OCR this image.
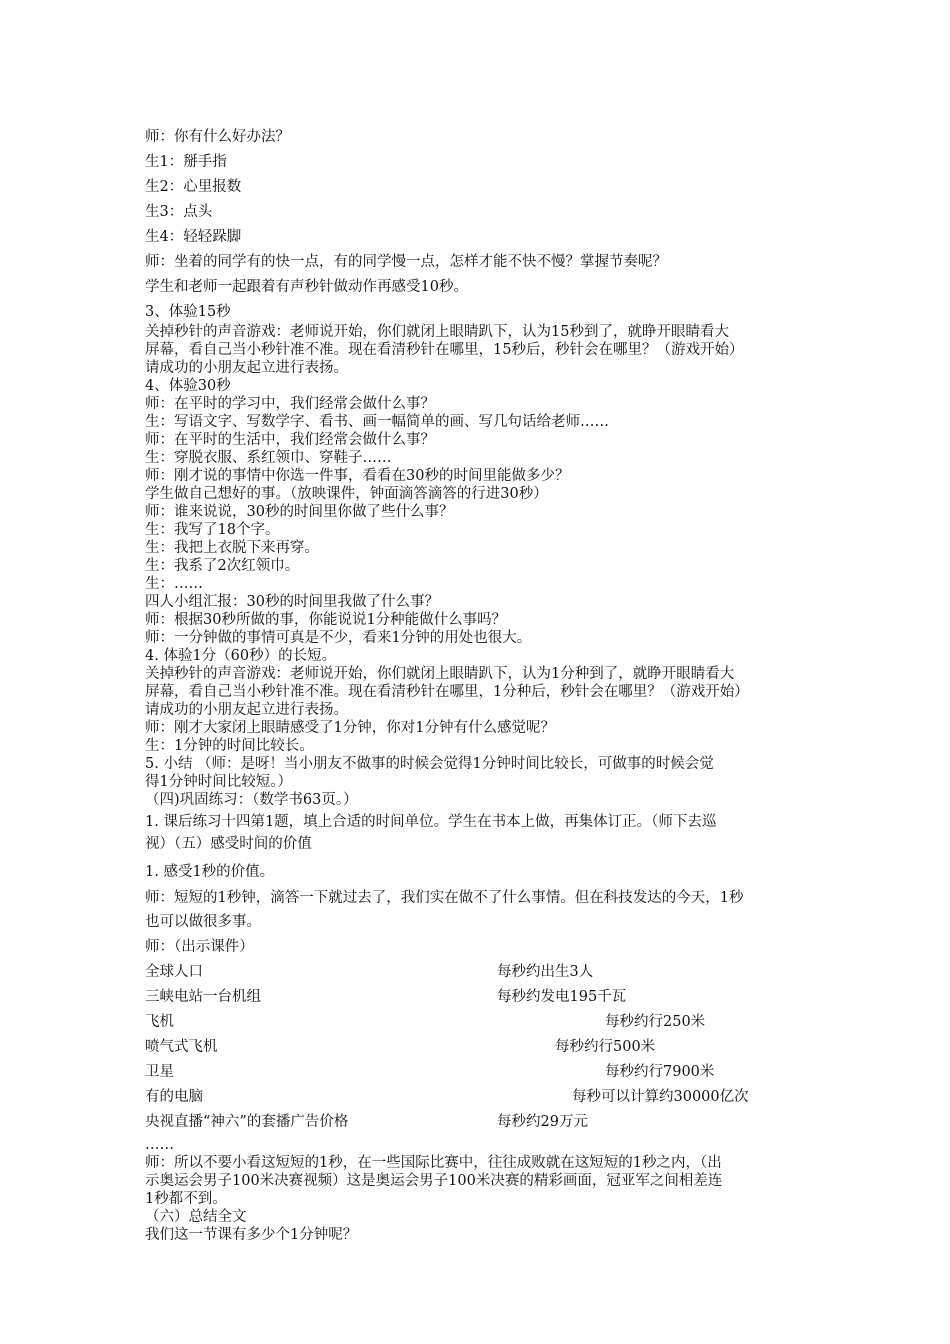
师：你有什么好办法？
生1：掰手指
生2：心里报数
生3：点头
生4：轻轻跺脚
师：坐着的同学有的快一点，有的同学慢一点，怎样才能不快不慢？掌握节奏呢？
学生和老师一起跟着有声秒针做动作再感受10秒。
3、体验15秒
关掉秒针的声音游戏：老师说开始，你们就闭上眼睛趴下，认为15秒到了，就睁开眼睛看大
屏幕，看自己当小秒针准不准。现在看清秒针在哪里，15秒后，秒针会在哪里？（游戏开始）
请成功的小朋友起立进行表扬。
4、体验30秒
师：在平时的学习中，我们经常会做什么事？
生：写语文字、写数学字、看书、画一幅简单的画、写几句话给老师……
师：在平时的生活中，我们经常会做什么事？
生：穿脱衣服、系红领巾、穿鞋子……
师：刚才说的事情中你选一件事，看看在30秒的时间里能做多少？
学生做自己想好的事。（放映课件，钟面滴答滴答的行进30秒）
师：谁来说说，30秒的时间里你做了些什么事？
生：我写了18个字。
生：我把上衣脱下来再穿。
生：我系了2次红领巾。
生：……
四人小组汇报：30秒的时间里我做了什么事？
师：根据30秒所做的事，你能说说1分种能做什么事吗？
师：一分钟做的事情可真是不少，看来1分钟的用处也很大。
4. 体验1分（60秒）的长短。
关掉秒针的声音游戏：老师说开始，你们就闭上眼睛趴下，认为1分种到了，就睁开眼睛看大
屏幕，看自己当小秒针准不准。现在看清秒针在哪里，1分种后，秒针会在哪里？（游戏开始）
请成功的小朋友起立进行表扬。
师：刚才大家闭上眼睛感受了1分钟，你对1分钟有什么感觉呢？
生：1分钟的时间比较长。
5. 小结 （师：是呀！当小朋友不做事的时候会觉得1分钟时间比较长，可做事的时候会觉
得1分钟时间比较短。）
（四)巩固练习：（数学书63页。）
1. 课后练习十四第1题，填上合适的时间单位。学生在书本上做，再集体订正。（师下去巡
视）（五）感受时间的价值
1. 感受1秒的价值。
师：短短的1秒钟，滴答一下就过去了，我们实在做不了什么事情。但在科技发达的今天，1秒
也可以做很多事。
师：（出示课件）
全球人口	每秒约出生3人
三峡电站一台机组	每秒约发电195千瓦
飞机	每秒约行250米
喷气式飞机	每秒约行500米
卫星	每秒约行7900米
有的电脑	每秒可以计算约30000亿次
央视直播“神六”的套播广告价格	每秒约29万元
……
师：所以不要小看这短短的1秒，在一些国际比赛中，往往成败就在这短短的1秒之内，（出
示奥运会男子100米决赛视频）这是奥运会男子100米决赛的精彩画面，冠亚军之间相差连
1秒都不到。
（六）总结全文
我们这一节课有多少个1分钟呢？
